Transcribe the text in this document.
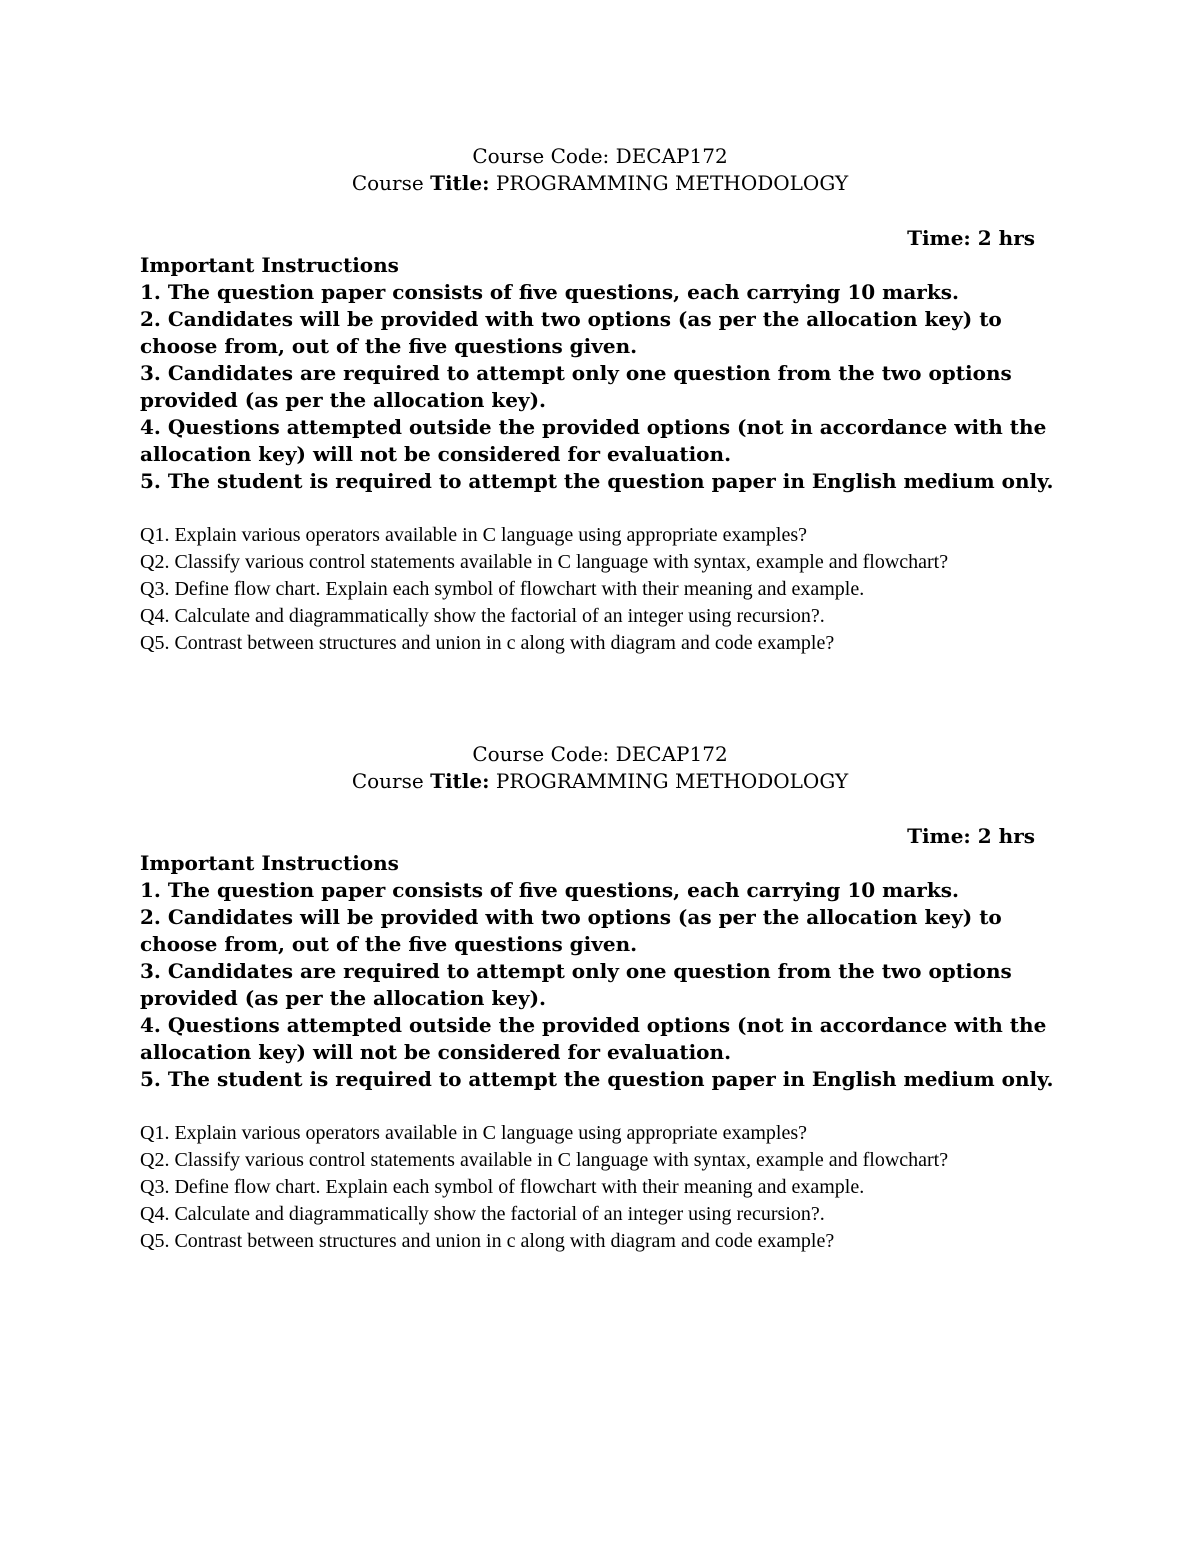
Course Code: DECAP172
Course Title: PROGRAMMING METHODOLOGY
Time: 2 hrs
Important Instructions
1. The question paper consists of five questions, each carrying 10 marks.
2. Candidates will be provided with two options (as per the allocation key) to choose from, out of the five questions given.
3. Candidates are required to attempt only one question from the two options provided (as per the allocation key).
4. Questions attempted outside the provided options (not in accordance with the allocation key) will not be considered for evaluation.
5. The student is required to attempt the question paper in English medium only.
Q1. Explain various operators available in C language using appropriate examples?
Q2. Classify various control statements available in C language with syntax, example and flowchart?
Q3. Define flow chart. Explain each symbol of flowchart with their meaning and example.
Q4. Calculate and diagrammatically show the factorial of an integer using recursion?.
Q5. Contrast between structures and union in c along with diagram and code example?
Course Code: DECAP172
Course Title: PROGRAMMING METHODOLOGY
Time: 2 hrs
Important Instructions
1. The question paper consists of five questions, each carrying 10 marks.
2. Candidates will be provided with two options (as per the allocation key) to choose from, out of the five questions given.
3. Candidates are required to attempt only one question from the two options provided (as per the allocation key).
4. Questions attempted outside the provided options (not in accordance with the allocation key) will not be considered for evaluation.
5. The student is required to attempt the question paper in English medium only.
Q1. Explain various operators available in C language using appropriate examples?
Q2. Classify various control statements available in C language with syntax, example and flowchart?
Q3. Define flow chart. Explain each symbol of flowchart with their meaning and example.
Q4. Calculate and diagrammatically show the factorial of an integer using recursion?.
Q5. Contrast between structures and union in c along with diagram and code example?
